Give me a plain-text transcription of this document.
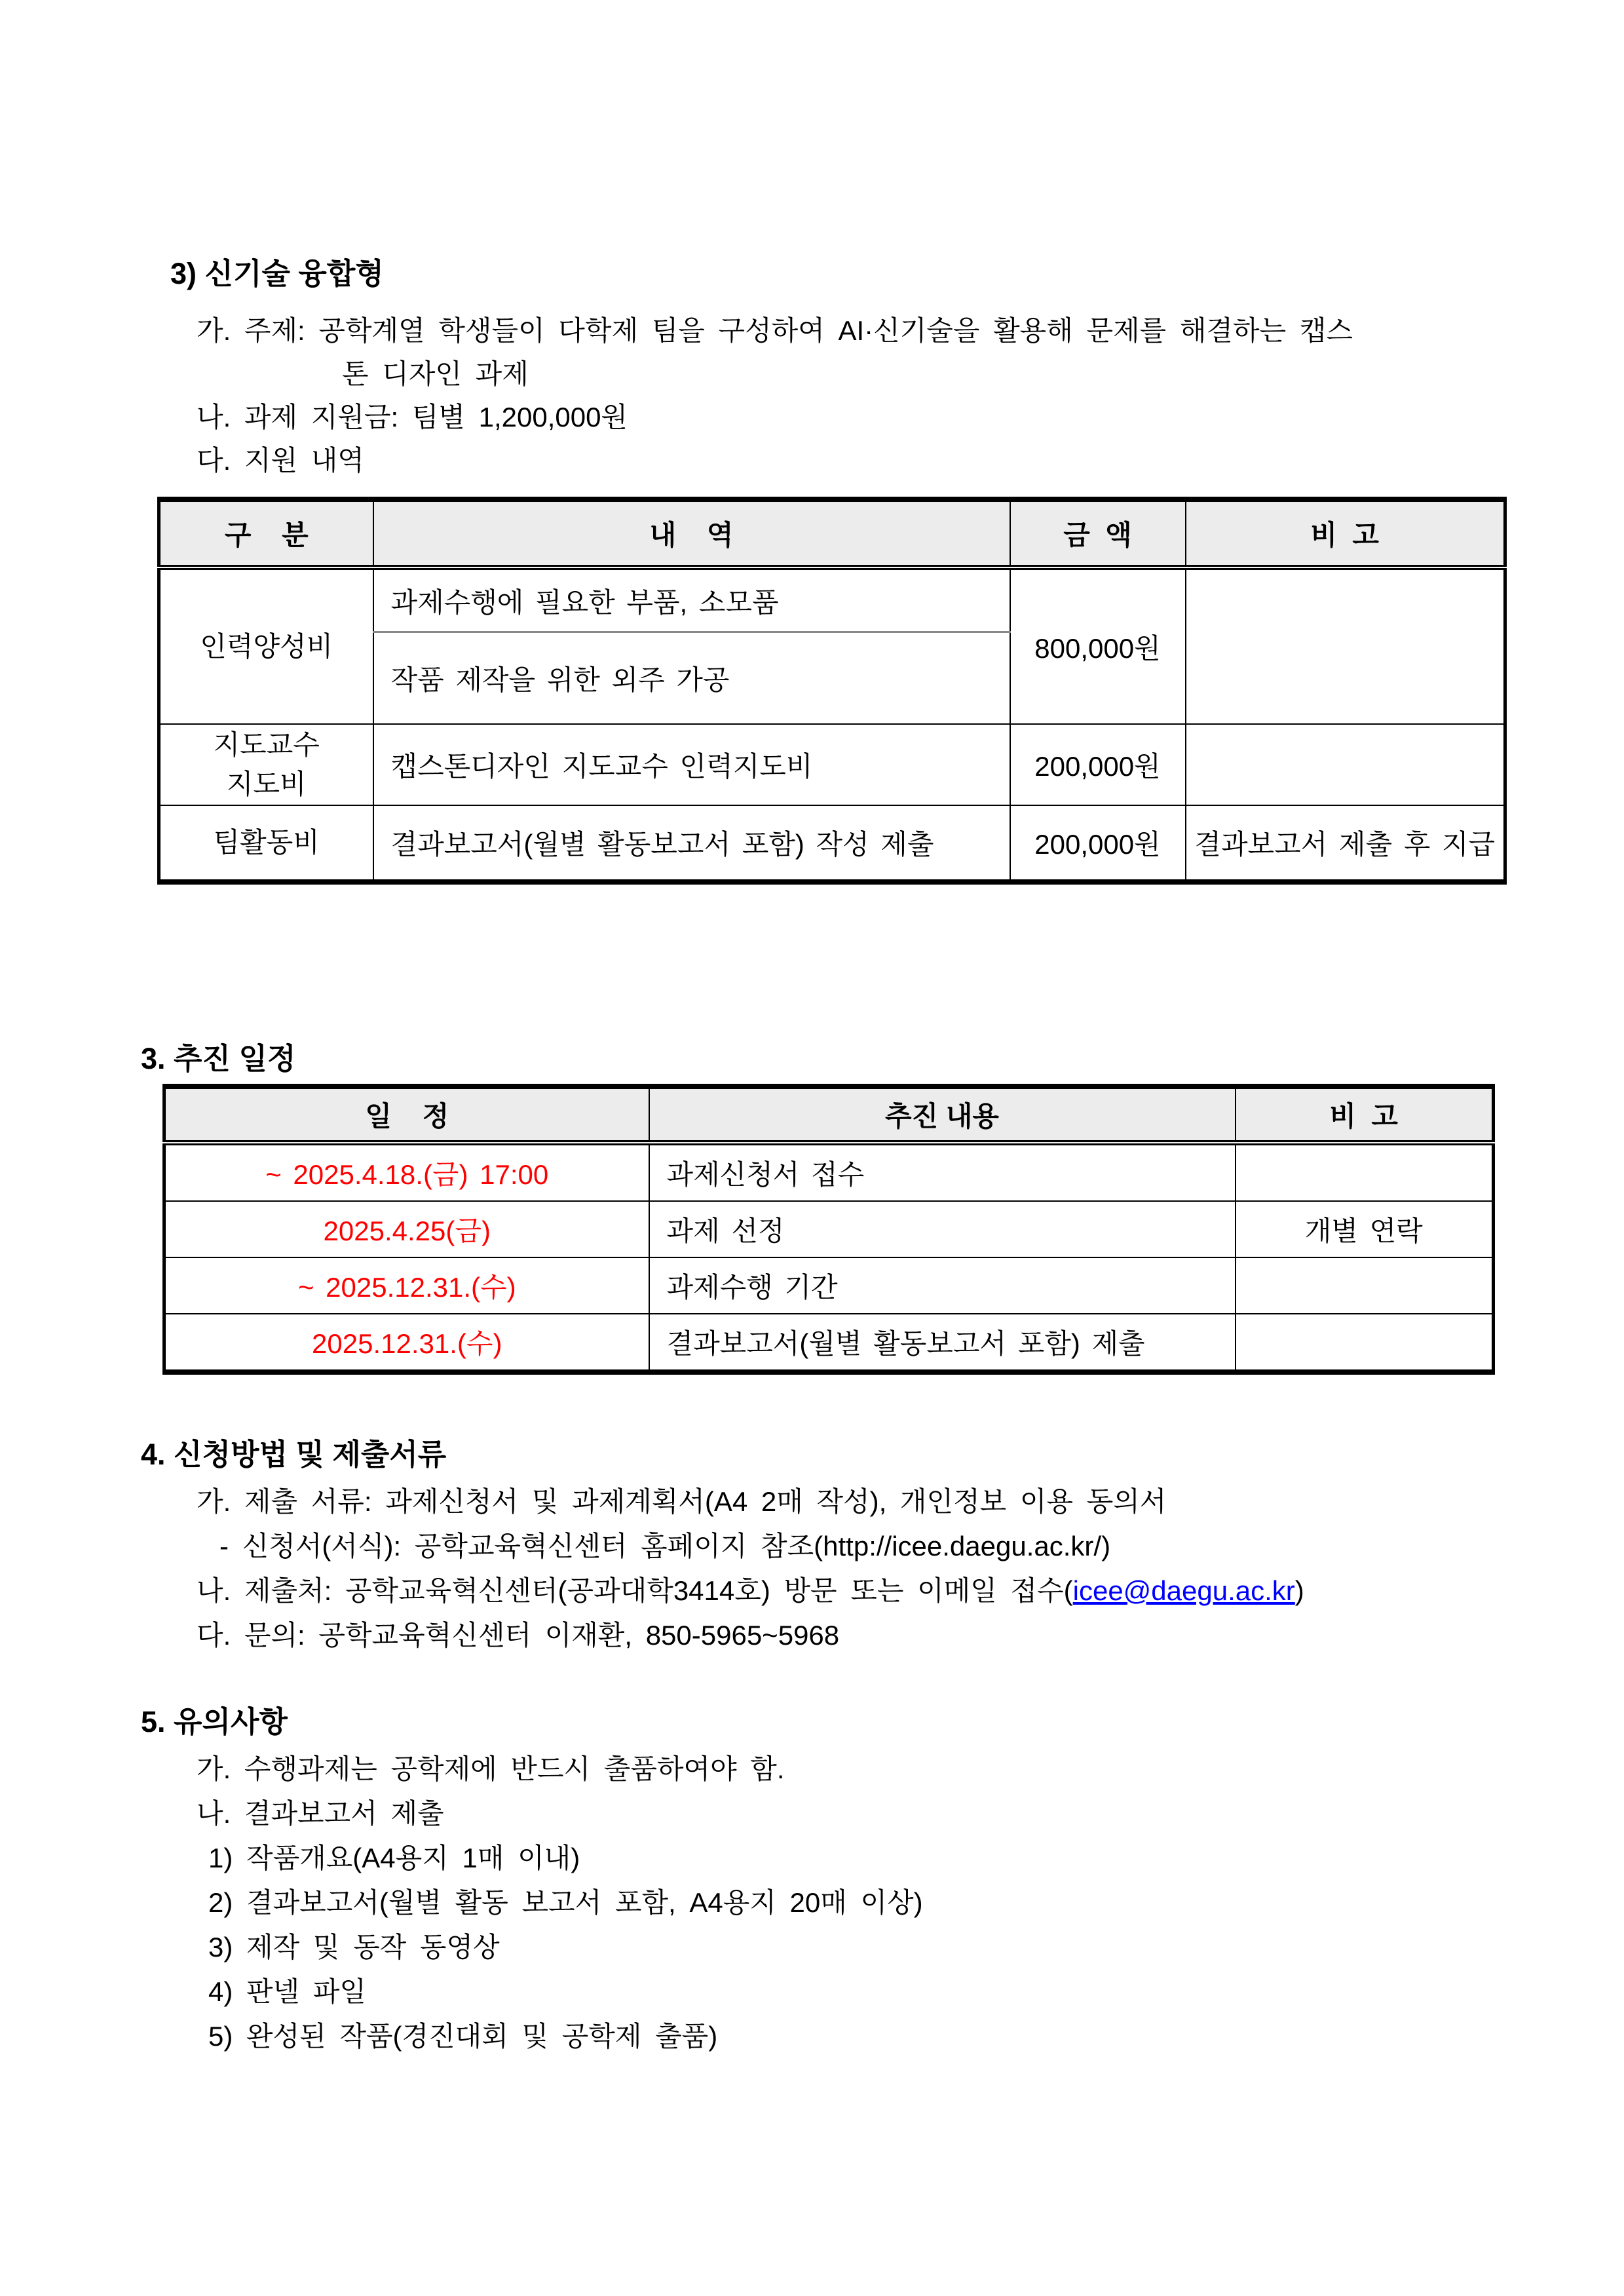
3) 신기술 융합형
가. 주제: 공학계열 학생들이 다학제 팀을 구성하여 AI·신기술을 활용해 문제를 해결하는 캡스
톤 디자인 과제
나. 과제 지원금: 팀별 1,200,000원
다. 지원 내역
구    분	내    역	금  액	비  고
인력양성비	과제수행에 필요한 부품, 소모품	800,000원	
	작품 제작을 위한 외주 가공		

지도교수
지도비	캡스톤디자인 지도교수 인력지도비	200,000원	
팀활동비	결과보고서(월별 활동보고서 포함) 작성 제출	200,000원	결과보고서 제출 후 지급
3. 추진 일정
일    정	추진 내용	비  고
~ 2025.4.18.(금) 17:00	과제신청서 접수	
2025.4.25(금)	과제 선정	개별 연락
~ 2025.12.31.(수)	과제수행 기간	
2025.12.31.(수)	결과보고서(월별 활동보고서 포함) 제출	
4. 신청방법 및 제출서류
가. 제출 서류: 과제신청서 및 과제계획서(A4 2매 작성), 개인정보 이용 동의서
- 신청서(서식): 공학교육혁신센터 홈페이지 참조(http://icee.daegu.ac.kr/)
나. 제출처: 공학교육혁신센터(공과대학3414호) 방문 또는 이메일 접수(icee@daegu.ac.kr)
다. 문의: 공학교육혁신센터 이재환, 850-5965~5968
5. 유의사항
가. 수행과제는 공학제에 반드시 출품하여야 함.
나. 결과보고서 제출
1) 작품개요(A4용지 1매 이내)
2) 결과보고서(월별 활동 보고서 포함, A4용지 20매 이상)
3) 제작 및 동작 동영상
4) 판넬 파일
5) 완성된 작품(경진대회 및 공학제 출품)
